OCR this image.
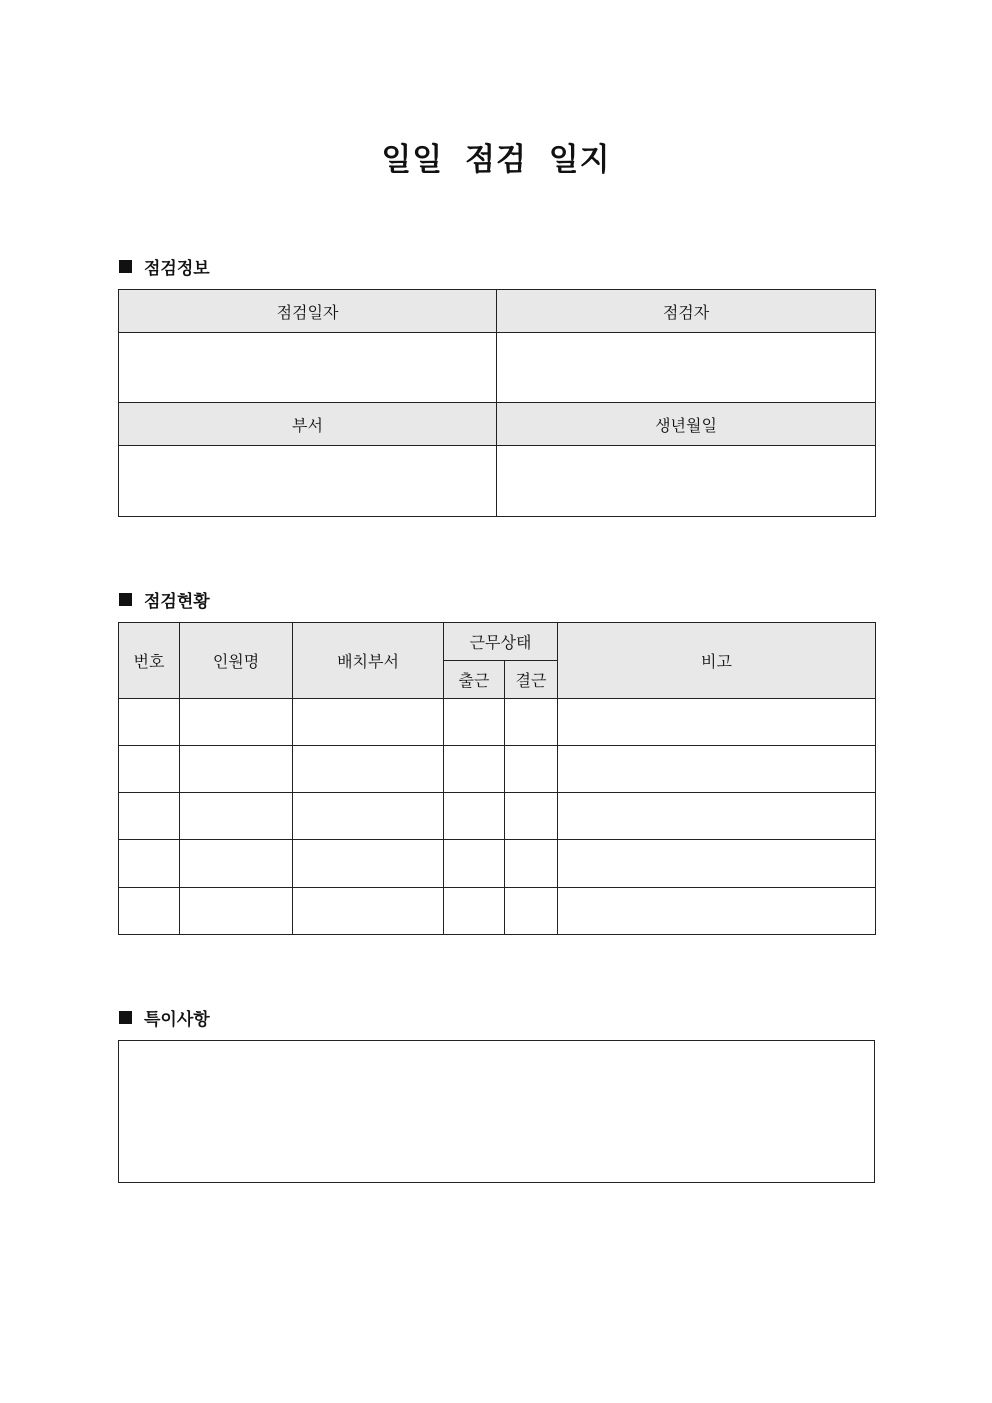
일일 점검 일지
점검정보
점검일자	점검자

부서	생년월일

점검현황
번호	인원명	배치부서	근무상태		비고
			출근	결근	

특이사항
